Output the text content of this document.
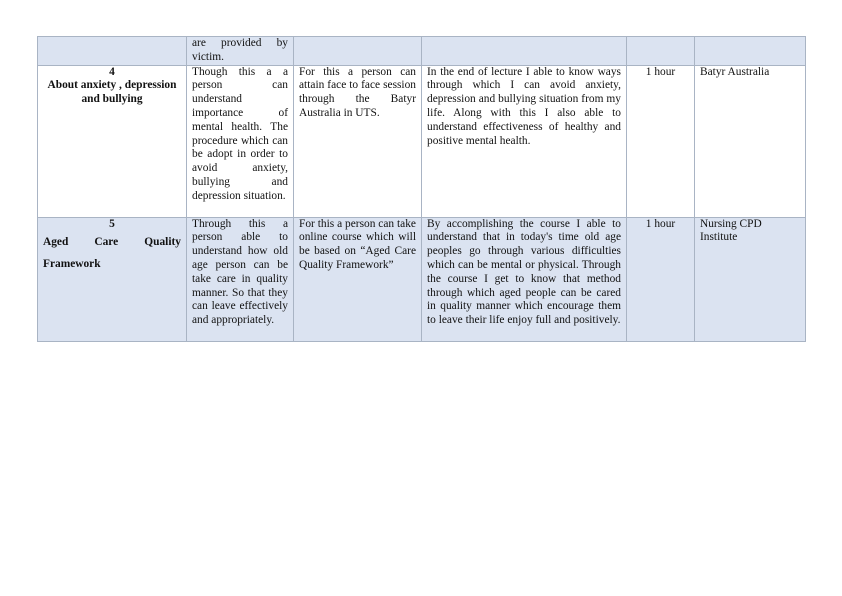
	are provided by victim.				

4
About anxiety , depression and bullying	Though this a a person can understand importance of mental health. The procedure which can be adopt in order to avoid anxiety, bullying and depression situation.	For this a person can attain face to face session through the Batyr Australia in UTS.	In the end of lecture I able to know ways through which I can avoid anxiety, depression and bullying situation from my life. Along with this I also able to understand effectiveness of healthy and positive mental health.	1 hour	Batyr Australia

5
Aged Care Quality Framework	Through this a person able to understand how old age person can be take care in quality manner. So that they can leave effectively and appropriately.	For this a person can take online course which will be based on “Aged Care Quality Framework”	By accomplishing the course I able to understand that in today's time old age peoples go through various difficulties which can be mental or physical. Through the course I get to know that method through which aged people can be cared in quality manner which encourage them to leave their life enjoy full and positively.	1 hour	Nursing CPD Institute
